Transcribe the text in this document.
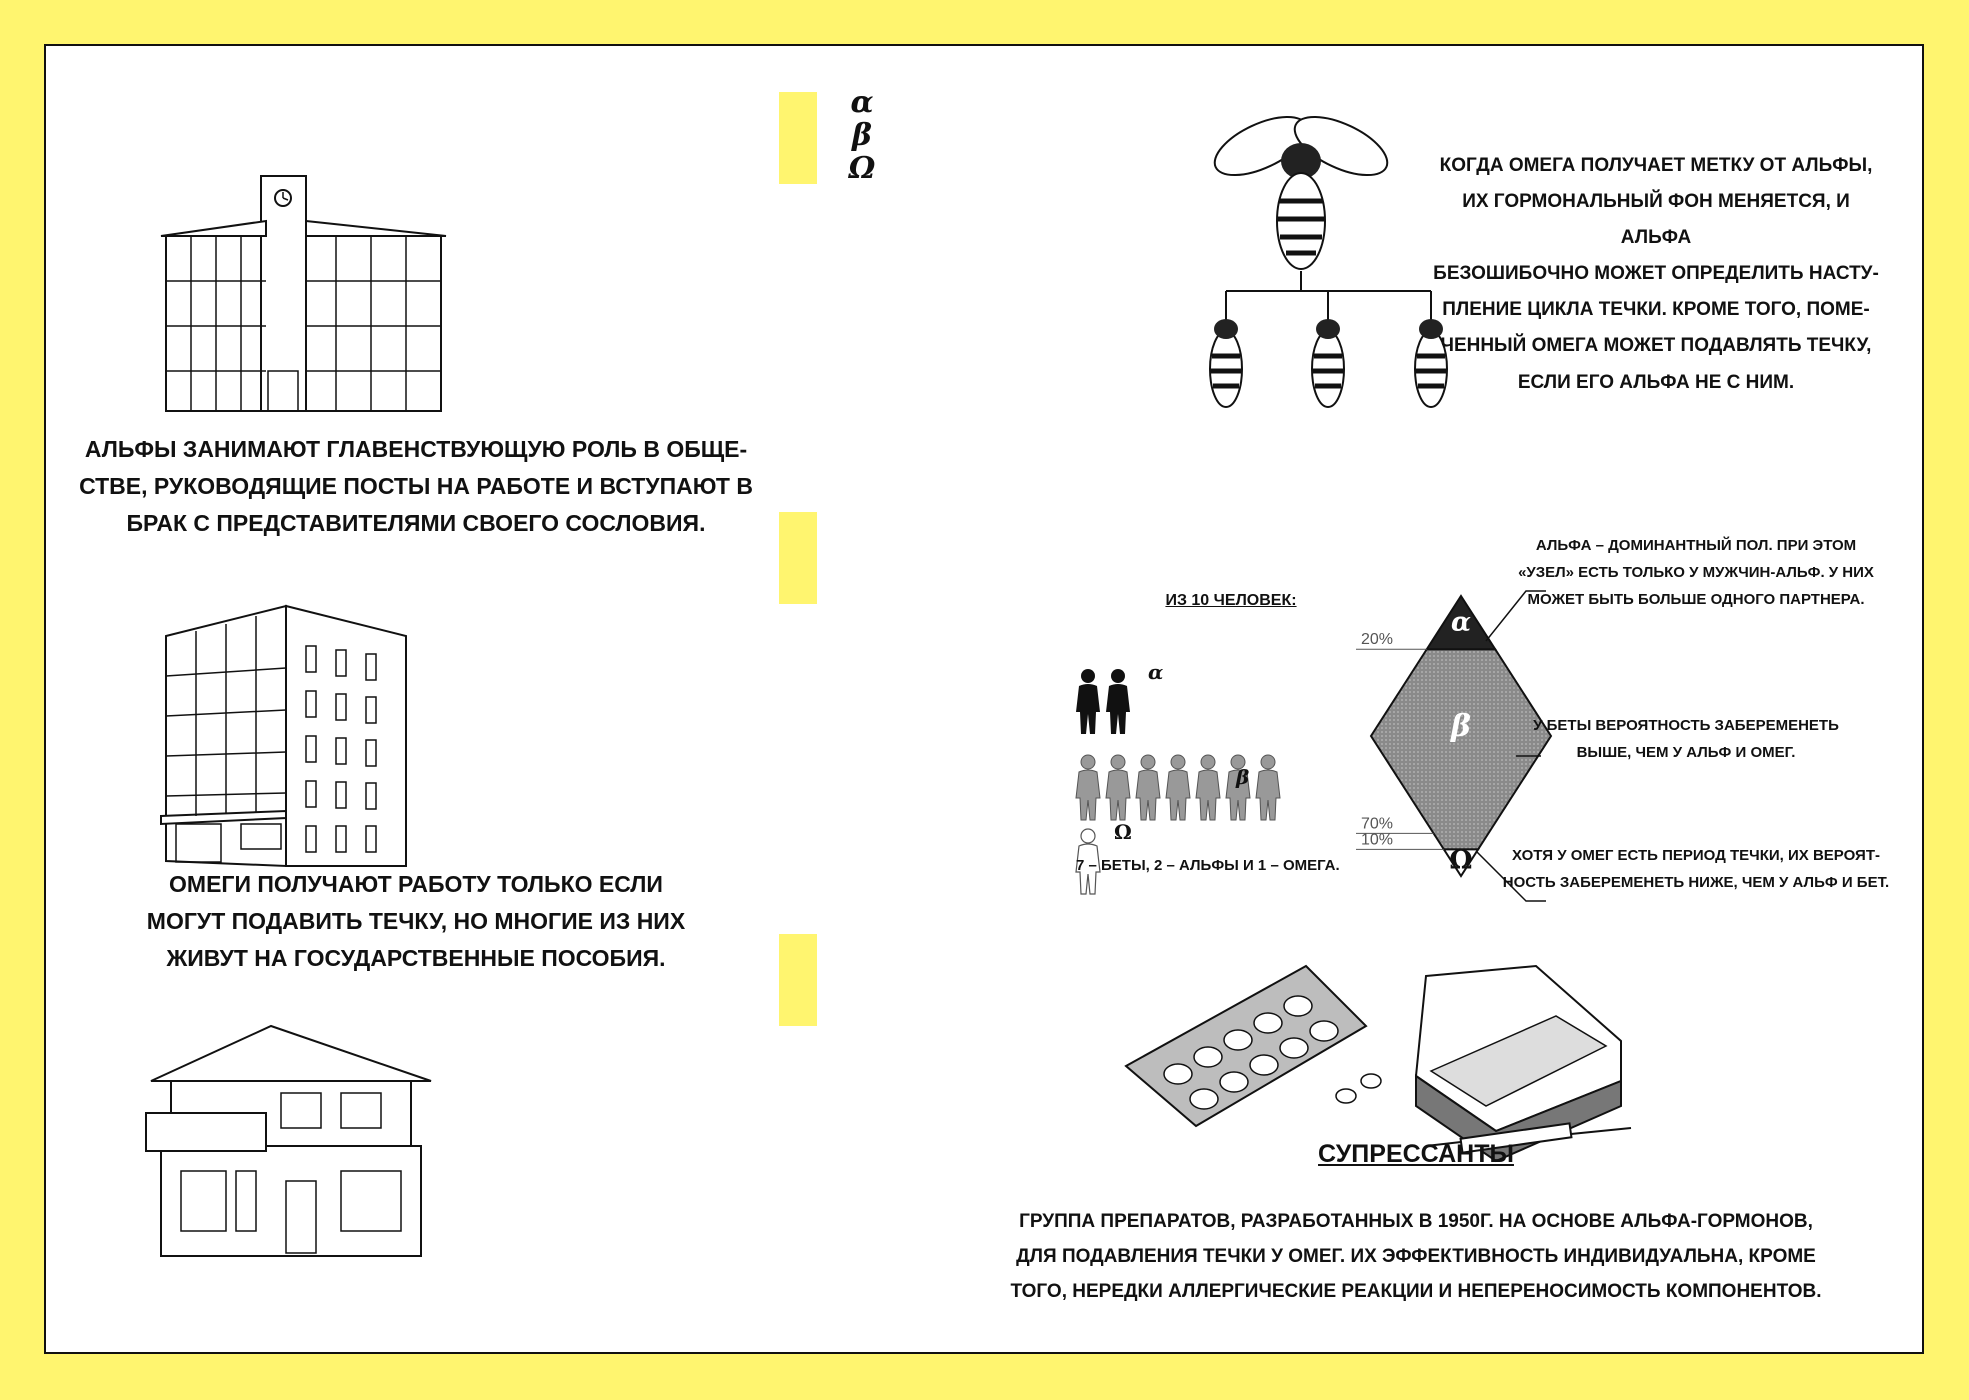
α
β
Ω
АЛЬФЫ ЗАНИМАЮТ ГЛАВЕНСТВУЮЩУЮ РОЛЬ В ОБЩЕ-
СТВЕ, РУКОВОДЯЩИЕ ПОСТЫ НА РАБОТЕ И ВСТУПАЮТ В
БРАК С ПРЕДСТАВИТЕЛЯМИ СВОЕГО СОСЛОВИЯ.
ОМЕГИ ПОЛУЧАЮТ РАБОТУ ТОЛЬКО ЕСЛИ
МОГУТ ПОДАВИТЬ ТЕЧКУ, НО МНОГИЕ ИЗ НИХ
ЖИВУТ НА ГОСУДАРСТВЕННЫЕ ПОСОБИЯ.
КОГДА ОМЕГА ПОЛУЧАЕТ МЕТКУ ОТ АЛЬФЫ,
ИХ ГОРМОНАЛЬНЫЙ ФОН МЕНЯЕТСЯ, И АЛЬФА
БЕЗОШИБОЧНО МОЖЕТ ОПРЕДЕЛИТЬ НАСТУ-
ПЛЕНИЕ ЦИКЛА ТЕЧКИ. КРОМЕ ТОГО, ПОМЕ-
ЧЕННЫЙ ОМЕГА МОЖЕТ ПОДАВЛЯТЬ ТЕЧКУ,
ЕСЛИ ЕГО АЛЬФА НЕ С НИМ.
ИЗ 10 ЧЕЛОВЕК:
α
β
Ω
7 – БЕТЫ, 2 – АЛЬФЫ И 1 – ОМЕГА.
α
β
Ω
20%
70%
10%
АЛЬФА – ДОМИНАНТНЫЙ ПОЛ. ПРИ ЭТОМ
«УЗЕЛ» ЕСТЬ ТОЛЬКО У МУЖЧИН-АЛЬФ. У НИХ
МОЖЕТ БЫТЬ БОЛЬШЕ ОДНОГО ПАРТНЕРА.
У БЕТЫ ВЕРОЯТНОСТЬ ЗАБЕРЕМЕНЕТЬ
ВЫШЕ, ЧЕМ У АЛЬФ И ОМЕГ.
ХОТЯ У ОМЕГ ЕСТЬ ПЕРИОД ТЕЧКИ, ИХ ВЕРОЯТ-
НОСТЬ ЗАБЕРЕМЕНЕТЬ НИЖЕ, ЧЕМ У АЛЬФ И БЕТ.
СУПРЕССАНТЫ
ГРУППА ПРЕПАРАТОВ, РАЗРАБОТАННЫХ В 1950Г. НА ОСНОВЕ АЛЬФА-ГОРМОНОВ,
ДЛЯ ПОДАВЛЕНИЯ ТЕЧКИ У ОМЕГ. ИХ ЭФФЕКТИВНОСТЬ ИНДИВИДУАЛЬНА, КРОМЕ
ТОГО, НЕРЕДКИ АЛЛЕРГИЧЕСКИЕ РЕАКЦИИ И НЕПЕРЕНОСИМОСТЬ КОМПОНЕНТОВ.
